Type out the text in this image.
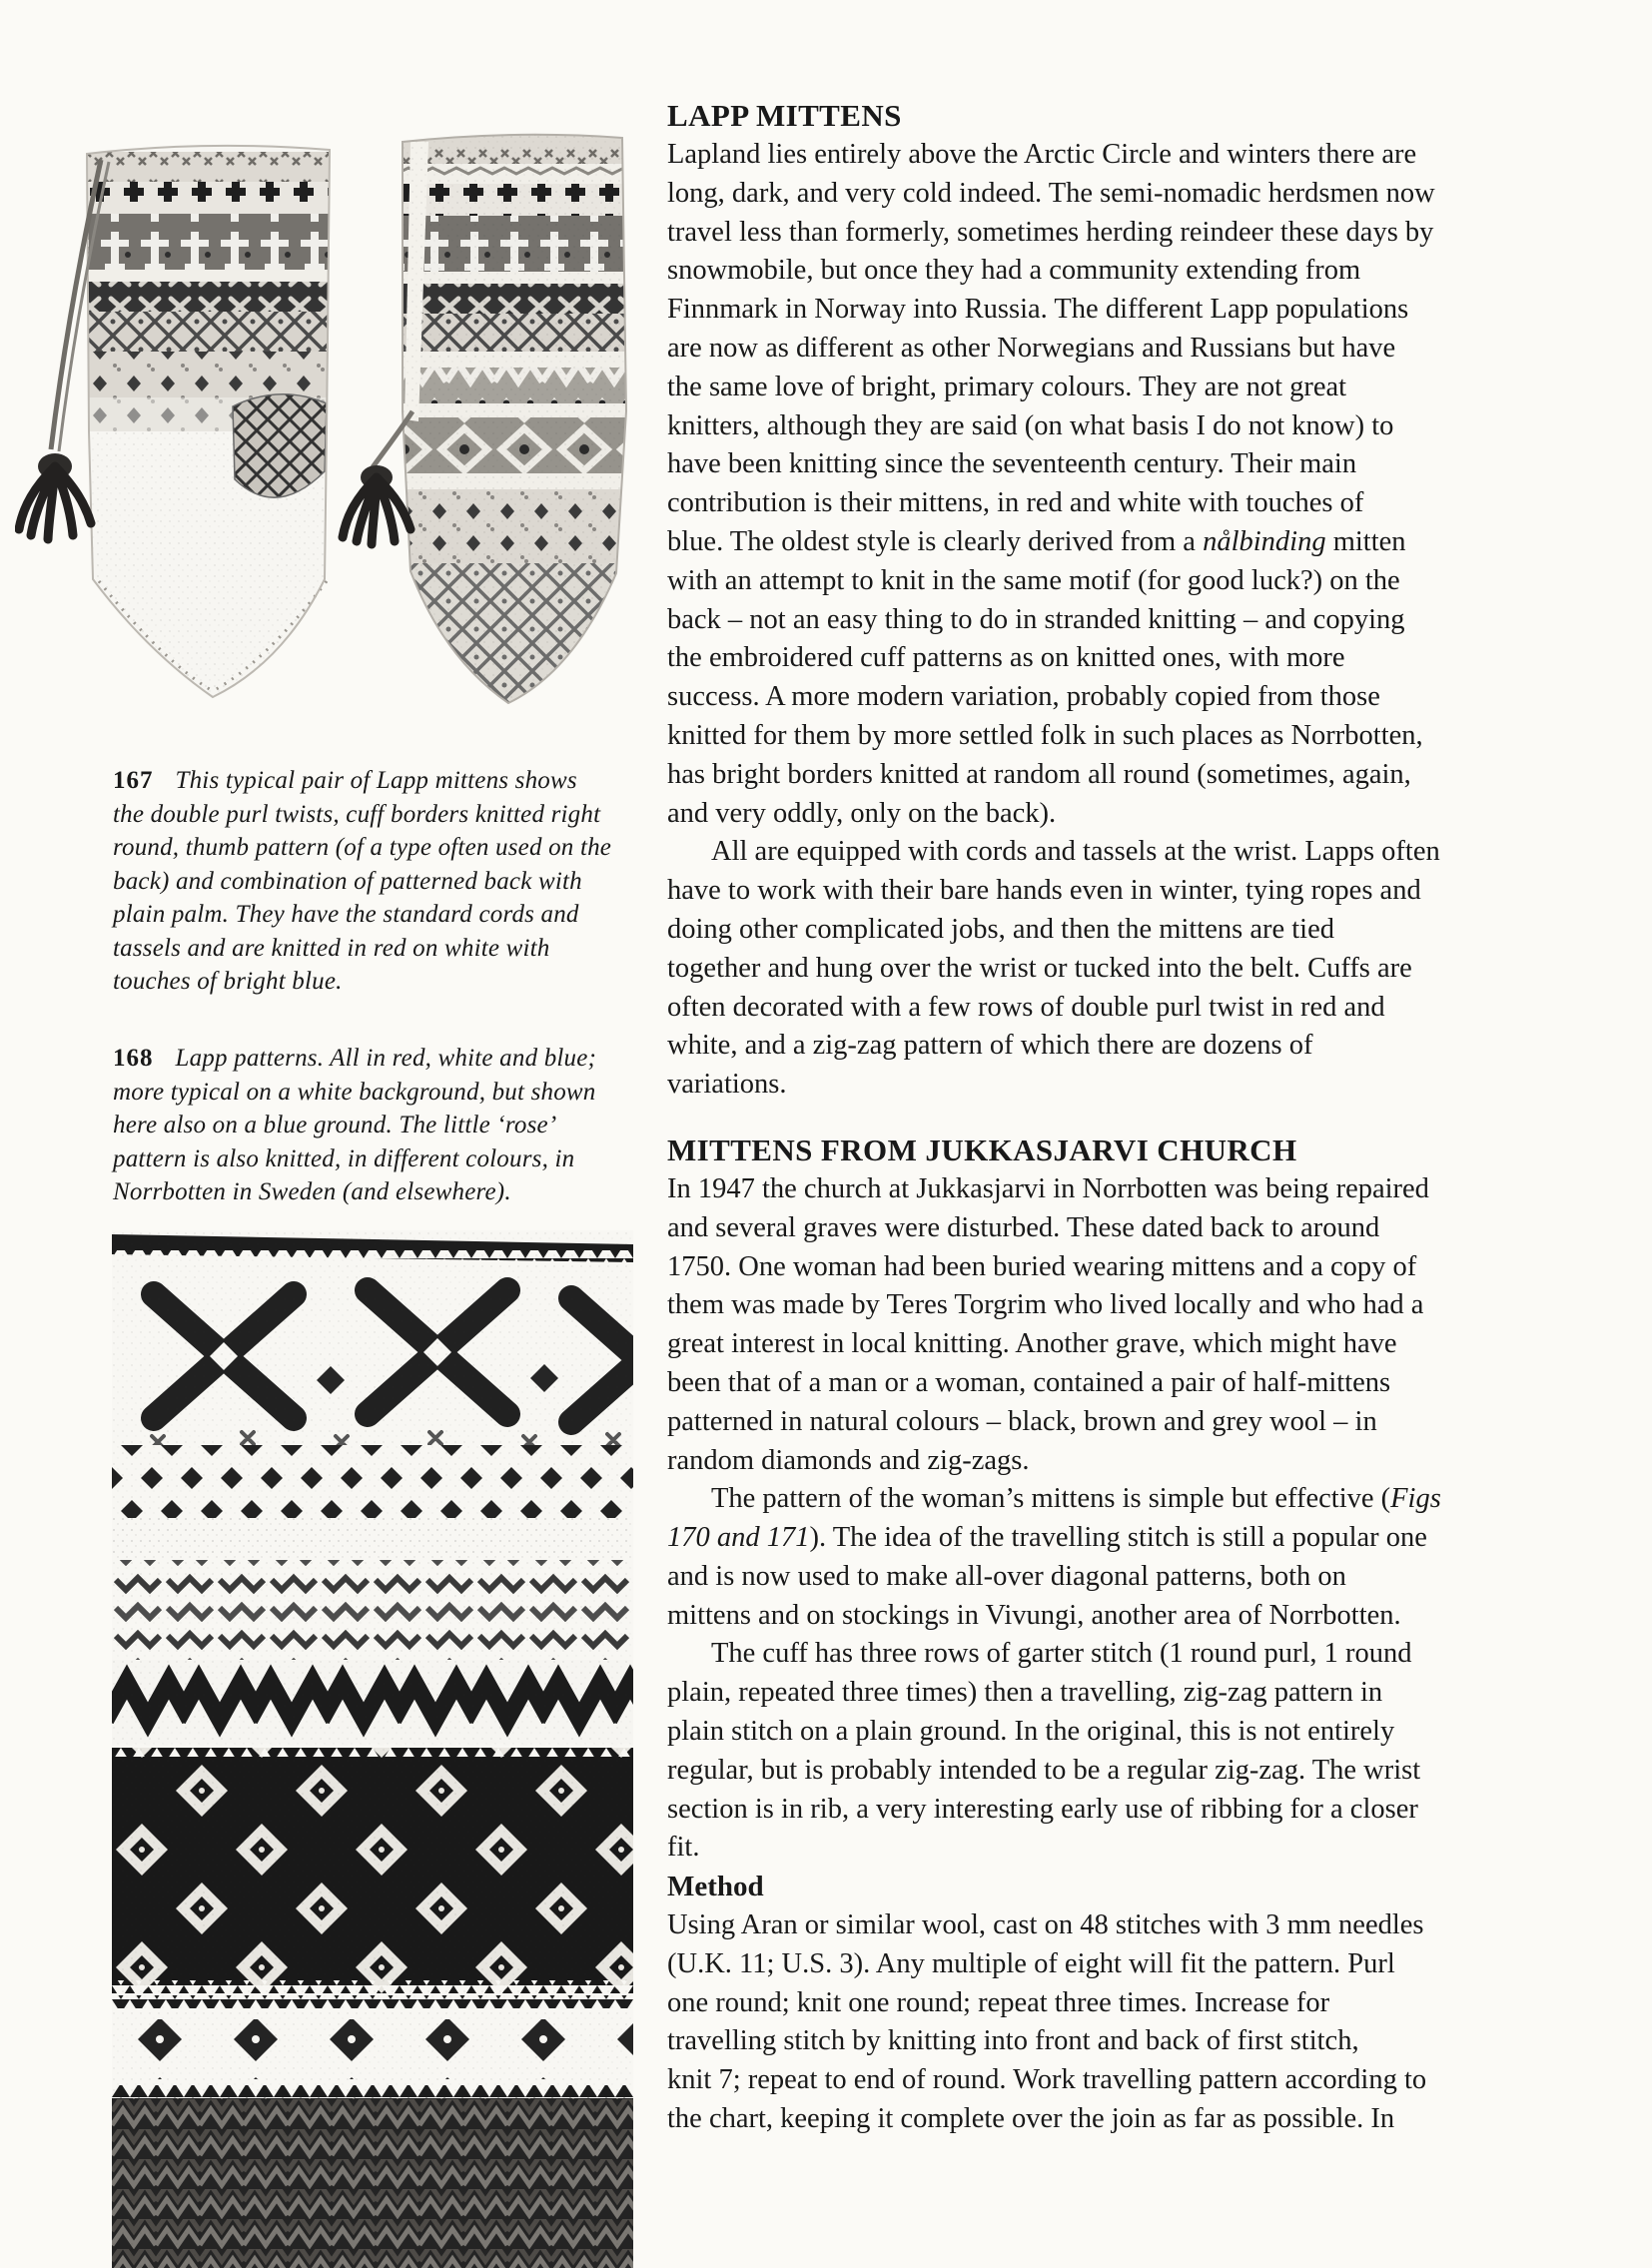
167 This typical pair of Lapp mittens shows the double purl twists, cuff borders knitted right round, thumb pattern (of a type often used on the back) and combination of patterned back with plain palm. They have the standard cords and tassels and are knitted in red on white with touches of bright blue.

168 Lapp patterns. All in red, white and blue; more typical on a white background, but shown here also on a blue ground. The little ‘rose’ pattern is also knitted, in different colours, in Norrbotten in Sweden (and elsewhere).

LAPP MITTENS

Lapland lies entirely above the Arctic Circle and winters there are
long, dark, and very cold indeed. The semi-nomadic herdsmen now
travel less than formerly, sometimes herding reindeer these days by
snowmobile, but once they had a community extending from
Finnmark in Norway into Russia. The different Lapp populations
are now as different as other Norwegians and Russians but have
the same love of bright, primary colours. They are not great
knitters, although they are said (on what basis I do not know) to
have been knitting since the seventeenth century. Their main
contribution is their mittens, in red and white with touches of
blue. The oldest style is clearly derived from a nålbinding mitten
with an attempt to knit in the same motif (for good luck?) on the
back – not an easy thing to do in stranded knitting – and copying
the embroidered cuff patterns as on knitted ones, with more
success. A more modern variation, probably copied from those
knitted for them by more settled folk in such places as Norrbotten,
has bright borders knitted at random all round (sometimes, again,
and very oddly, only on the back).

All are equipped with cords and tassels at the wrist. Lapps often
have to work with their bare hands even in winter, tying ropes and
doing other complicated jobs, and then the mittens are tied
together and hung over the wrist or tucked into the belt. Cuffs are
often decorated with a few rows of double purl twist in red and
white, and a zig-zag pattern of which there are dozens of
variations.

MITTENS FROM JUKKASJARVI CHURCH

In 1947 the church at Jukkasjarvi in Norrbotten was being repaired
and several graves were disturbed. These dated back to around
1750. One woman had been buried wearing mittens and a copy of
them was made by Teres Torgrim who lived locally and who had a
great interest in local knitting. Another grave, which might have
been that of a man or a woman, contained a pair of half-mittens
patterned in natural colours – black, brown and grey wool – in
random diamonds and zig-zags.

The pattern of the woman’s mittens is simple but effective (Figs
170 and 171). The idea of the travelling stitch is still a popular one
and is now used to make all-over diagonal patterns, both on
mittens and on stockings in Vivungi, another area of Norrbotten.

The cuff has three rows of garter stitch (1 round purl, 1 round
plain, repeated three times) then a travelling, zig-zag pattern in
plain stitch on a plain ground. In the original, this is not entirely
regular, but is probably intended to be a regular zig-zag. The wrist
section is in rib, a very interesting early use of ribbing for a closer
fit.

Method

Using Aran or similar wool, cast on 48 stitches with 3 mm needles
(U.K. 11; U.S. 3). Any multiple of eight will fit the pattern. Purl
one round; knit one round; repeat three times. Increase for
travelling stitch by knitting into front and back of first stitch,
knit 7; repeat to end of round. Work travelling pattern according to
the chart, keeping it complete over the join as far as possible. In
